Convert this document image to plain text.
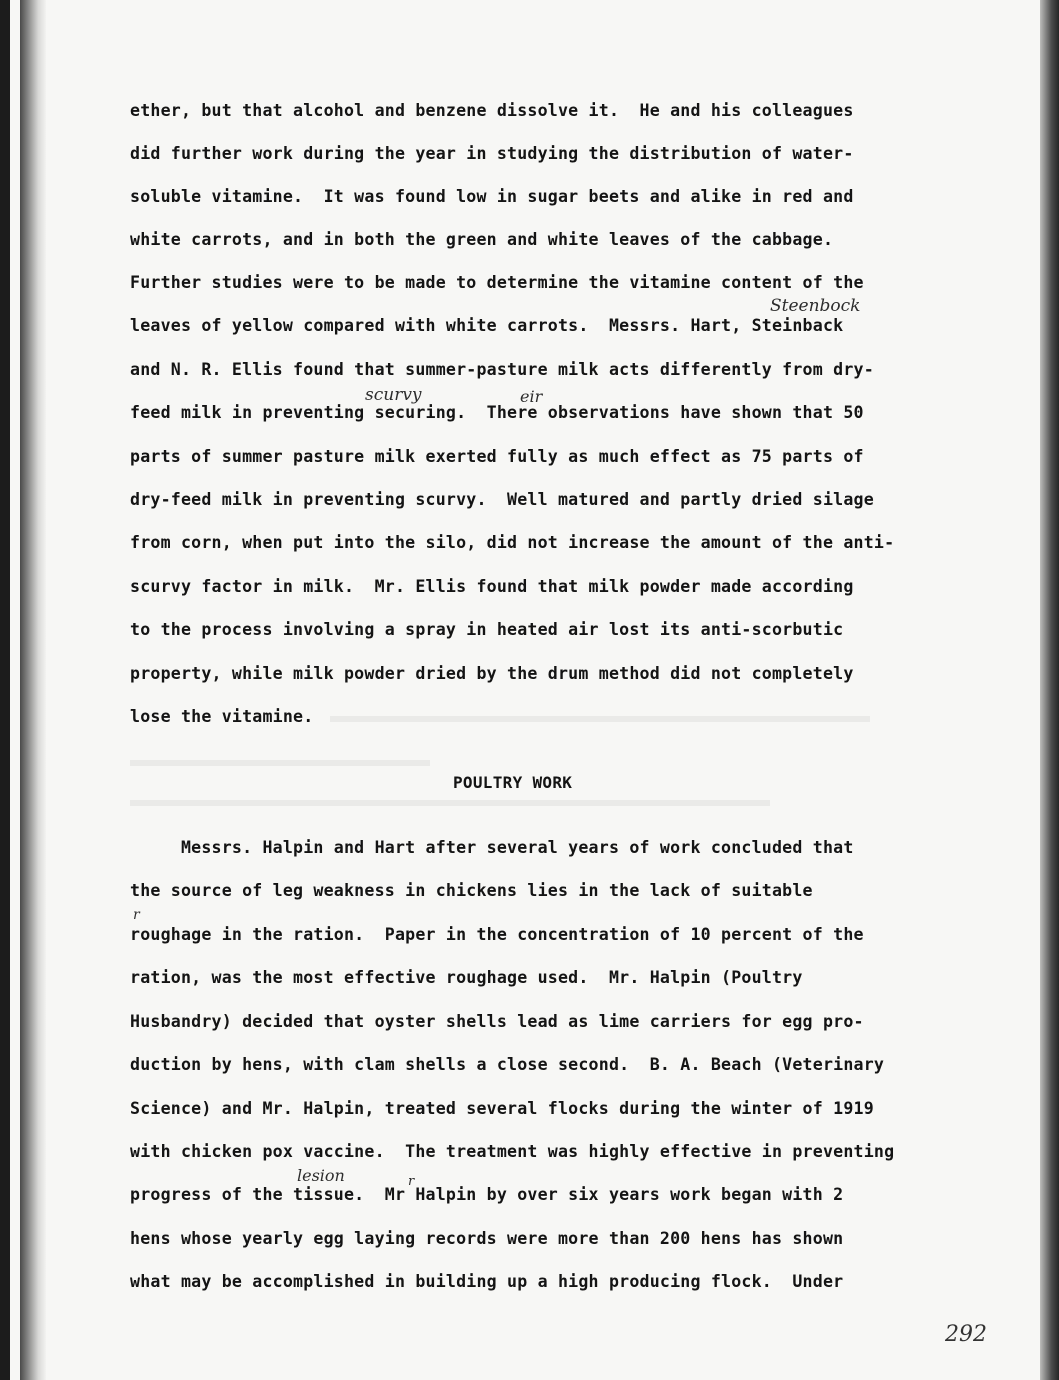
ether, but that alcohol and benzene dissolve it.  He and his colleagues
did further work during the year in studying the distribution of water-
soluble vitamine.  It was found low in sugar beets and alike in red and
white carrots, and in both the green and white leaves of the cabbage.
Further studies were to be made to determine the vitamine content of the
leaves of yellow compared with white carrots.  Messrs. Hart, Steinback
and N. R. Ellis found that summer-pasture milk acts differently from dry-
feed milk in preventing securing.  There observations have shown that 50
parts of summer pasture milk exerted fully as much effect as 75 parts of
dry-feed milk in preventing scurvy.  Well matured and partly dried silage
from corn, when put into the silo, did not increase the amount of the anti-
scurvy factor in milk.  Mr. Ellis found that milk powder made according
to the process involving a spray in heated air lost its anti-scorbutic
property, while milk powder dried by the drum method did not completely
lose the vitamine.
POULTRY WORK
Messrs. Halpin and Hart after several years of work concluded that
the source of leg weakness in chickens lies in the lack of suitable
roughage in the ration.  Paper in the concentration of 10 percent of the
ration, was the most effective roughage used.  Mr. Halpin (Poultry
Husbandry) decided that oyster shells lead as lime carriers for egg pro-
duction by hens, with clam shells a close second.  B. A. Beach (Veterinary
Science) and Mr. Halpin, treated several flocks during the winter of 1919
with chicken pox vaccine.  The treatment was highly effective in preventing
progress of the tissue.  Mr Halpin by over six years work began with 2
hens whose yearly egg laying records were more than 200 hens has shown
what may be accomplished in building up a high producing flock.  Under
Steenbock
scurvy	eir
r
lesion	r
292
